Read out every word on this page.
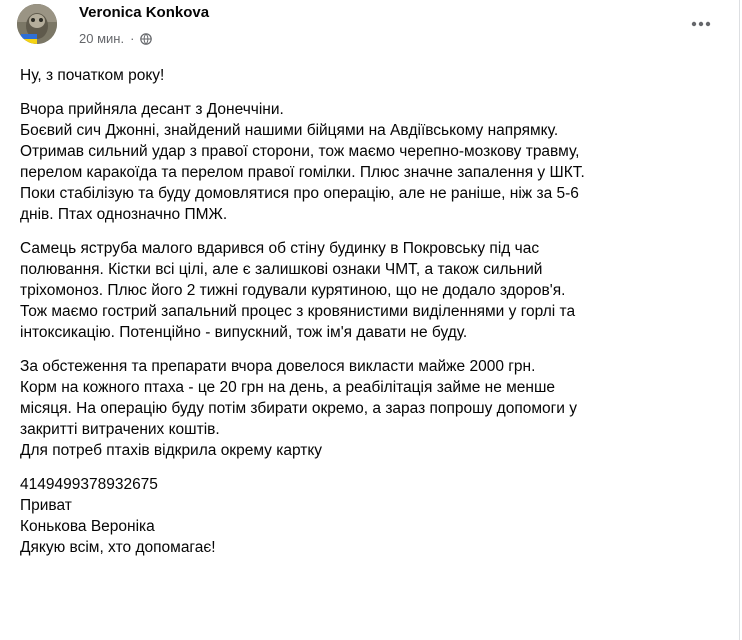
Veronica Konkova
20 мин. ·

Ну, з початком року!

Вчора прийняла десант з Донеччіни.
Боєвий сич Джонні, знайдений нашими бійцями на Авдіївському напрямку.
Отримав сильний удар з правої сторони, тож маємо черепно-мозкову травму,
перелом каракоїда та перелом правої гомілки. Плюс значне запалення у ШКТ.
Поки стабілізую та буду домовлятися про операцію, але не раніше, ніж за 5-6
днів. Птах однозначно ПМЖ.

Самець яструба малого вдарився об стіну будинку в Покровську під час
полювання. Кістки всі цілі, але є залишкові ознаки ЧМТ, а також сильний
тріхомоноз. Плюс його 2 тижні годували курятиною, що не додало здоров'я.
Тож маємо гострий запальний процес з кровянистими виділеннями у горлі та
інтоксикацію. Потенційно - випускний, тож ім'я давати не буду.

За обстеження та препарати вчора довелося викласти майже 2000 грн.
Корм на кожного птаха - це 20 грн на день, а реабілітація займе не менше
місяця. На операцію буду потім збирати окремо, а зараз попрошу допомоги у
закритті витрачених коштів.
Для потреб птахів відкрила окрему картку

4149499378932675
Приват
Конькова Вероніка
Дякую всім, хто допомагає!
